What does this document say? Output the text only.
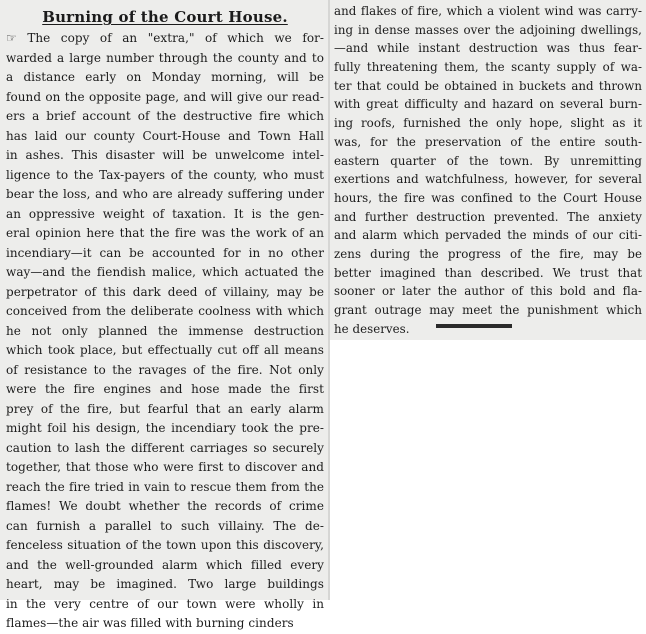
Burning of the Court House.
☞ The copy of an "extra," of which we for-
warded a large number through the county and to
a distance early on Monday morning, will be
found on the opposite page, and will give our read-
ers a brief account of the destructive fire which
has laid our county Court-House and Town Hall
in ashes. This disaster will be unwelcome intel-
ligence to the Tax-payers of the county, who must
bear the loss, and who are already suffering under
an oppressive weight of taxation. It is the gen-
eral opinion here that the fire was the work of an
incendiary—it can be accounted for in no other
way—and the fiendish malice, which actuated the
perpetrator of this dark deed of villainy, may be
conceived from the deliberate coolness with which
he not only planned the immense destruction
which took place, but effectually cut off all means
of resistance to the ravages of the fire. Not only
were the fire engines and hose made the first
prey of the fire, but fearful that an early alarm
might foil his design, the incendiary took the pre-
caution to lash the different carriages so securely
together, that those who were first to discover and
reach the fire tried in vain to rescue them from the
flames! We doubt whether the records of crime
can furnish a parallel to such villainy. The de-
fenceless situation of the town upon this discovery,
and the well-grounded alarm which filled every
heart, may be imagined. Two large buildings
in the very centre of our town were wholly in
flames—the air was filled with burning cinders
and flakes of fire, which a violent wind was carry-
ing in dense masses over the adjoining dwellings,
—and while instant destruction was thus fear-
fully threatening them, the scanty supply of wa-
ter that could be obtained in buckets and thrown
with great difficulty and hazard on several burn-
ing roofs, furnished the only hope, slight as it
was, for the preservation of the entire south-
eastern quarter of the town. By unremitting
exertions and watchfulness, however, for several
hours, the fire was confined to the Court House
and further destruction prevented. The anxiety
and alarm which pervaded the minds of our citi-
zens during the progress of the fire, may be
better imagined than described. We trust that
sooner or later the author of this bold and fla-
grant outrage may meet the punishment which
he deserves.
